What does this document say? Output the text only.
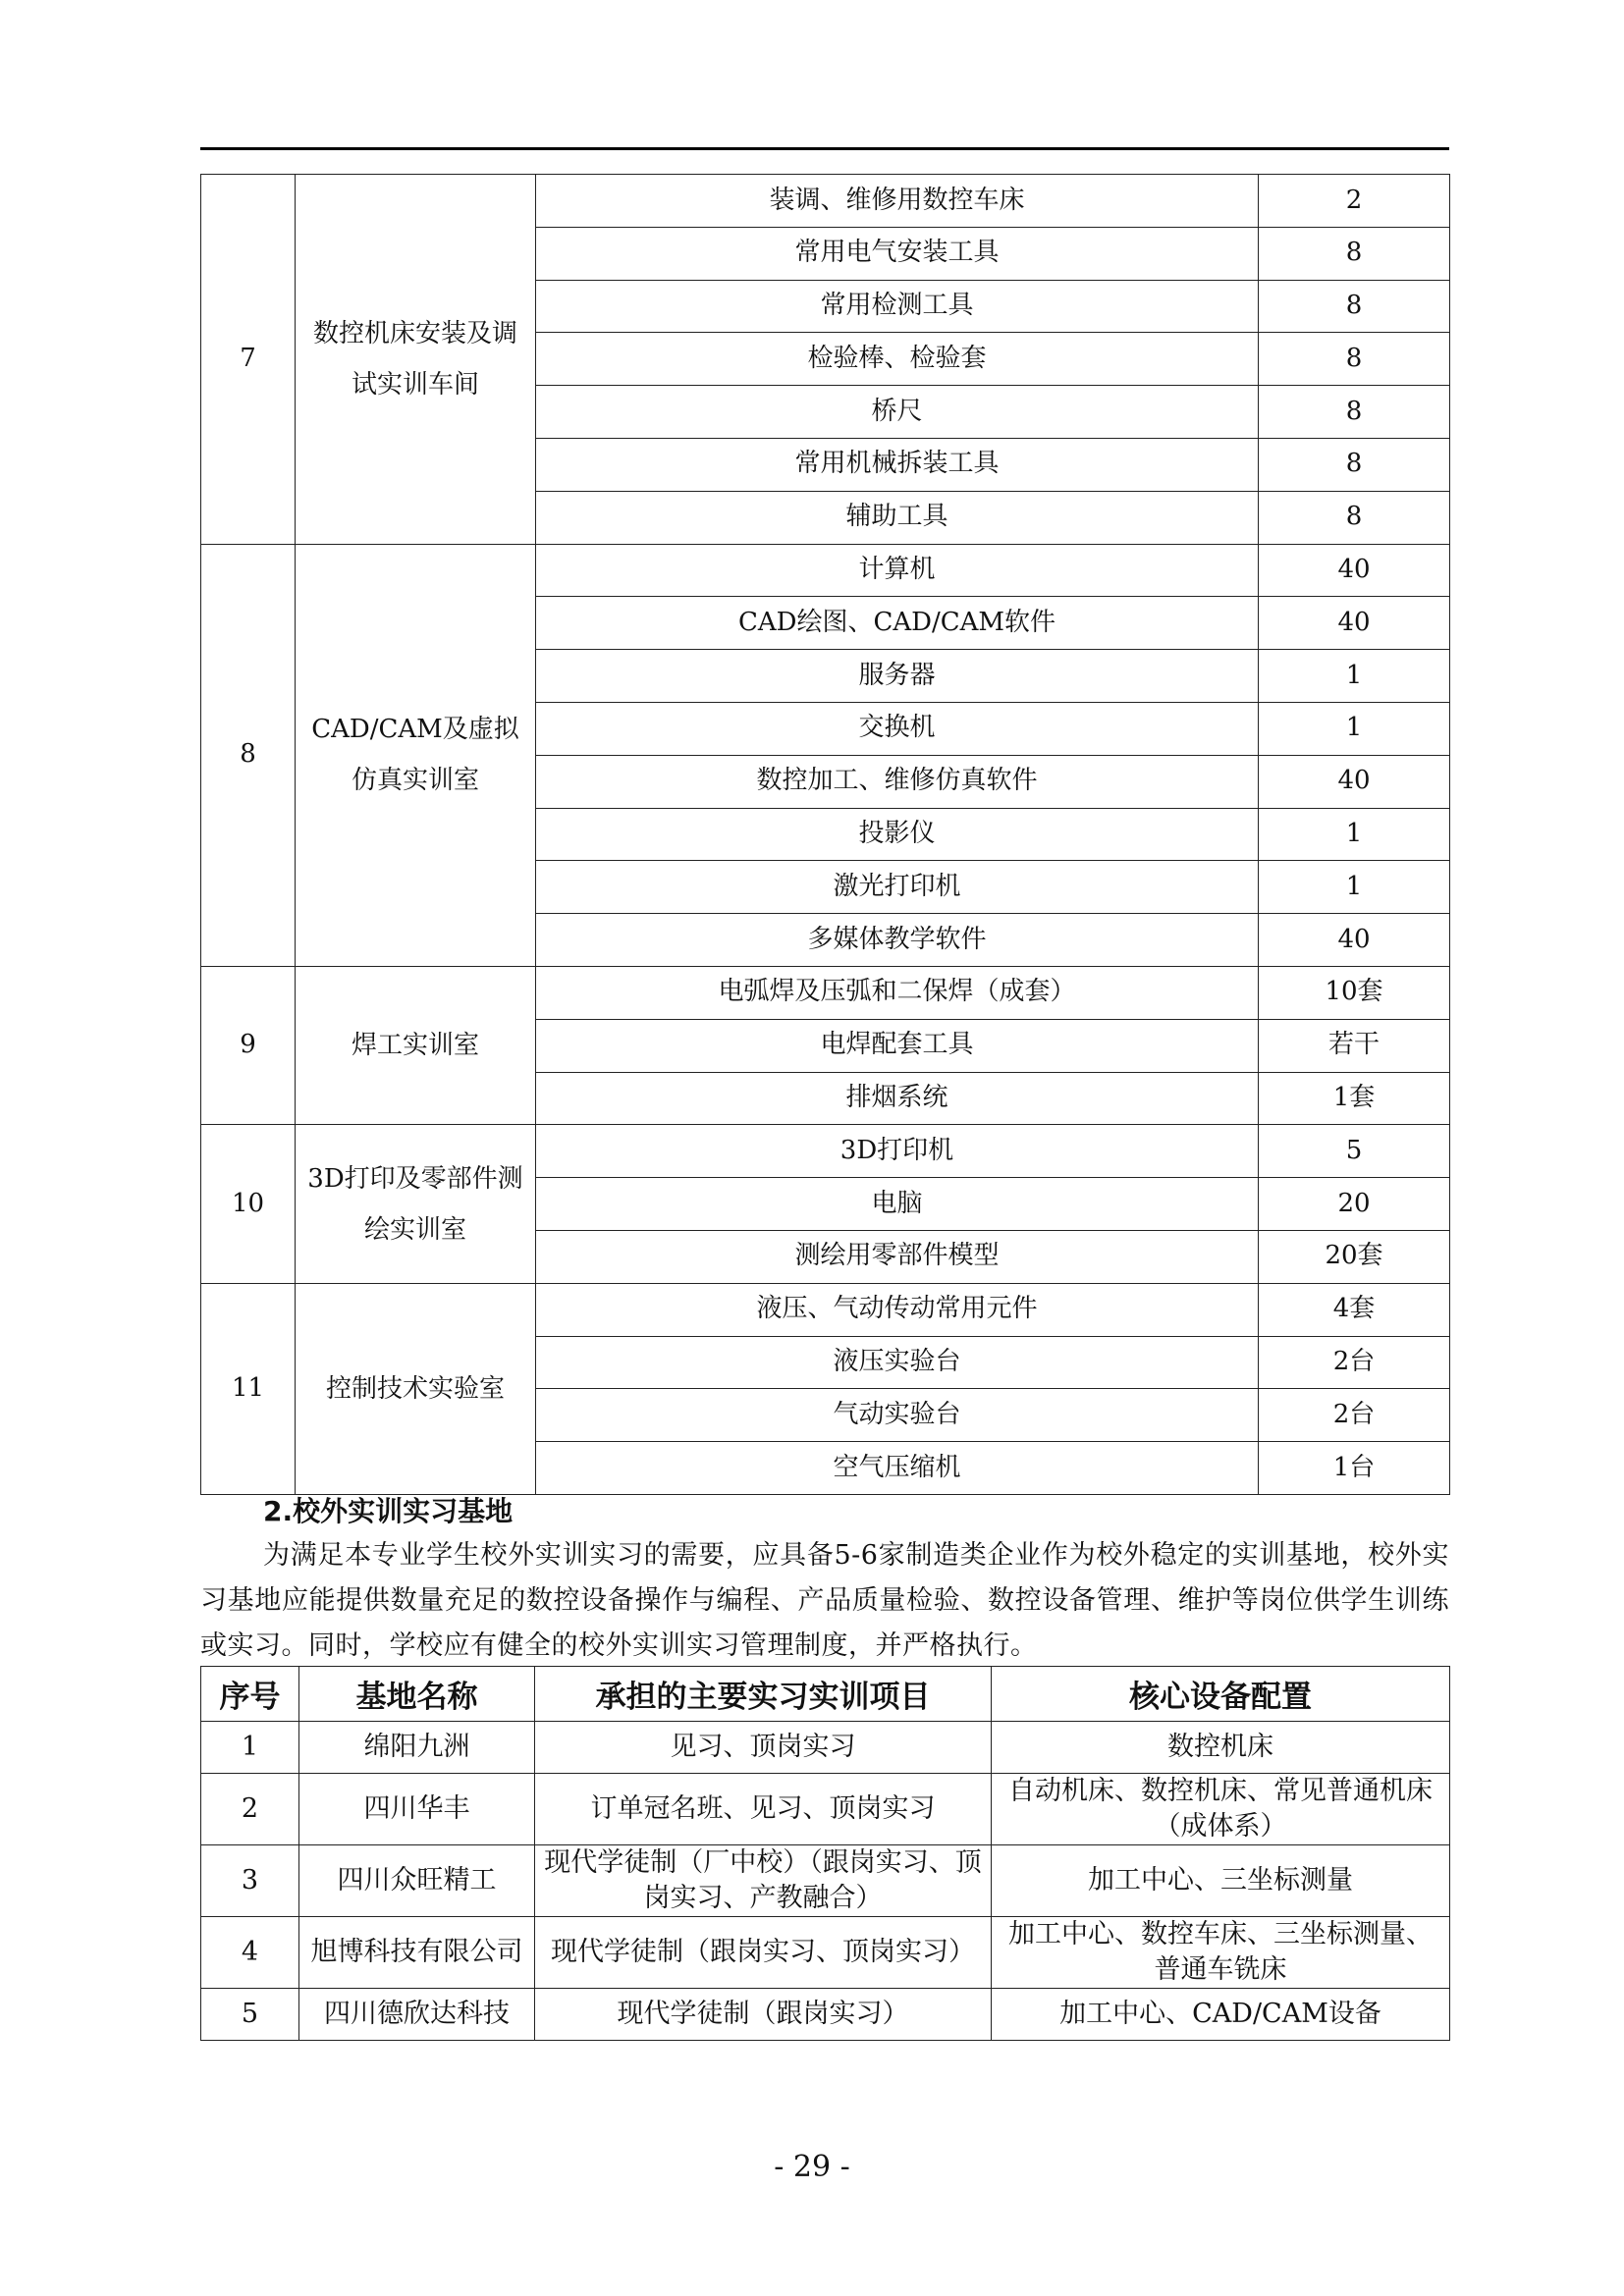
7	数控机床安装及调试实训车间	装调、维修用数控车床	2
		常用电气安装工具	8
		常用检测工具	8
		检验棒、检验套	8
		桥尺	8
		常用机械拆装工具	8
		辅助工具	8
8	CAD/CAM及虚拟仿真实训室	计算机	40
		CAD绘图、CAD/CAM软件	40
		服务器	1
		交换机	1
		数控加工、维修仿真软件	40
		投影仪	1
		激光打印机	1
		多媒体教学软件	40
9	焊工实训室	电弧焊及压弧和二保焊（成套）	10套
		电焊配套工具	若干
		排烟系统	1套
10	3D打印及零部件测绘实训室	3D打印机	5
		电脑	20
		测绘用零部件模型	20套
11	控制技术实验室	液压、气动传动常用元件	4套
		液压实验台	2台
		气动实验台	2台
		空气压缩机	1台
2.校外实训实习基地
为满足本专业学生校外实训实习的需要，应具备5-6家制造类企业作为校外稳定的实训基地，校外实习基地应能提供数量充足的数控设备操作与编程、产品质量检验、数控设备管理、维护等岗位供学生训练或实习。同时，学校应有健全的校外实训实习管理制度，并严格执行。
序号	基地名称	承担的主要实习实训项目	核心设备配置
1	绵阳九洲	见习、顶岗实习	数控机床
2	四川华丰	订单冠名班、见习、顶岗实习	自动机床、数控机床、常见普通机床（成体系）
3	四川众旺精工	现代学徒制（厂中校）（跟岗实习、顶岗实习、产教融合）	加工中心、三坐标测量
4	旭博科技有限公司	现代学徒制（跟岗实习、顶岗实习）	加工中心、数控车床、三坐标测量、普通车铣床
5	四川德欣达科技	现代学徒制（跟岗实习）	加工中心、CAD/CAM设备
- 29 -
